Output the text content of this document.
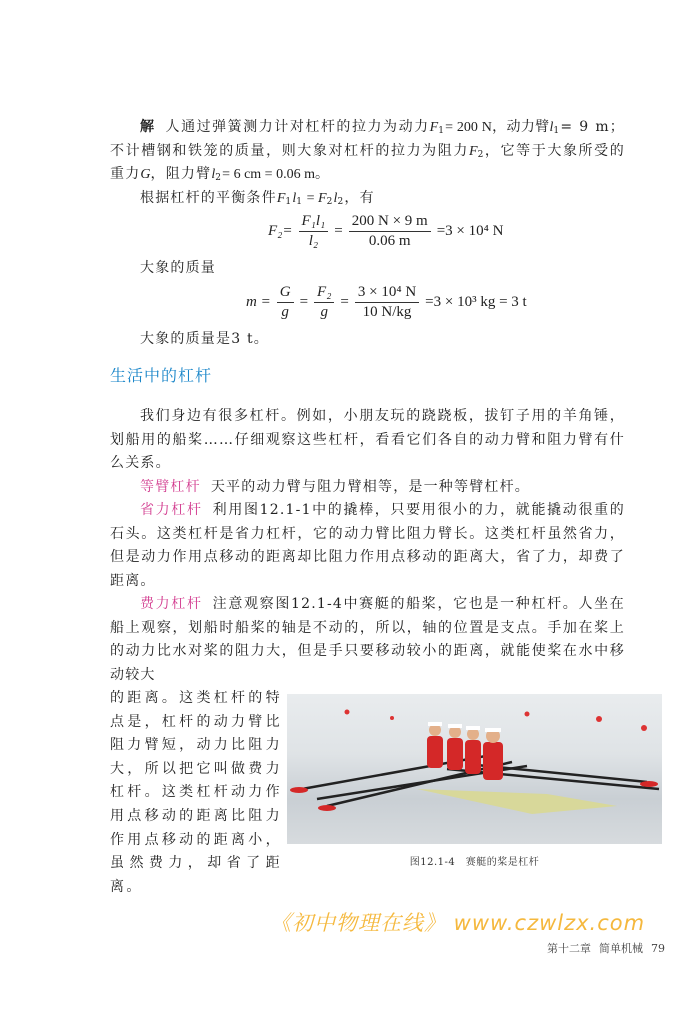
解 人通过弹簧测力计对杠杆的拉力为动力$F_1= 200$ N，动力臂$l_1= 9$ m；不计槽钢和铁笼的质量，则大象对杠杆的拉力为阻力$F_2$，它等于大象所受的重力G，阻力臂$l_2= 6$ cm = 0.06 m。
根据杠杆的平衡条件$F_1l_1 = F_2l_2$，有
$F_2= \frac{\text{F₁l₁}}{\text{l₂}} = \frac{200 N \times 9 m}{0.06 m} =3 \times 10^4$ N
大象的质量
$m = \frac{G}{g} = \frac{\text{F₂}}{g} = \frac{\text{3 × 10⁴ N}}{10 N/kg} =3 \times 10^3$ kg = 3 t
大象的质量是3 t。
生活中的杠杆
我们身边有很多杠杆。例如，小朋友玩的跷跷板，拔钉子用的羊角锤，划船用的船桨……仔细观察这些杠杆，看看它们各自的动力臂和阻力臂有什么关系。
等臂杠杆 天平的动力臂与阻力臂相等，是一种等臂杠杆。
省力杠杆 利用图12.1-1中的撬棒，只要用很小的力，就能撬动很重的石头。这类杠杆是省力杠杆，它的动力臂比阻力臂长。这类杠杆虽然省力，但是动力作用点移动的距离却比阻力作用点移动的距离大，省了力，却费了距离。
费力杠杆 注意观察图12.1-4中赛艇的船桨，它也是一种杠杆。人坐在船上观察，划船时船桨的轴是不动的，所以，轴的位置是支点。手加在桨上的动力比水对桨的阻力大，但是手只要移动较小的距离，就能使桨在水中移动较大
的距离。这类杠杆的特点是，杠杆的动力臂比阻力臂短，动力比阻力大，所以把它叫做费力杠杆。这类杠杆动力作用点移动的距离比阻力作用点移动的距离小，虽然费力，却省了距离。
图12.1-4　赛艇的桨是杠杆
《初中物理在线》 www.czwlzx.com
第十二章 简单机械 79
